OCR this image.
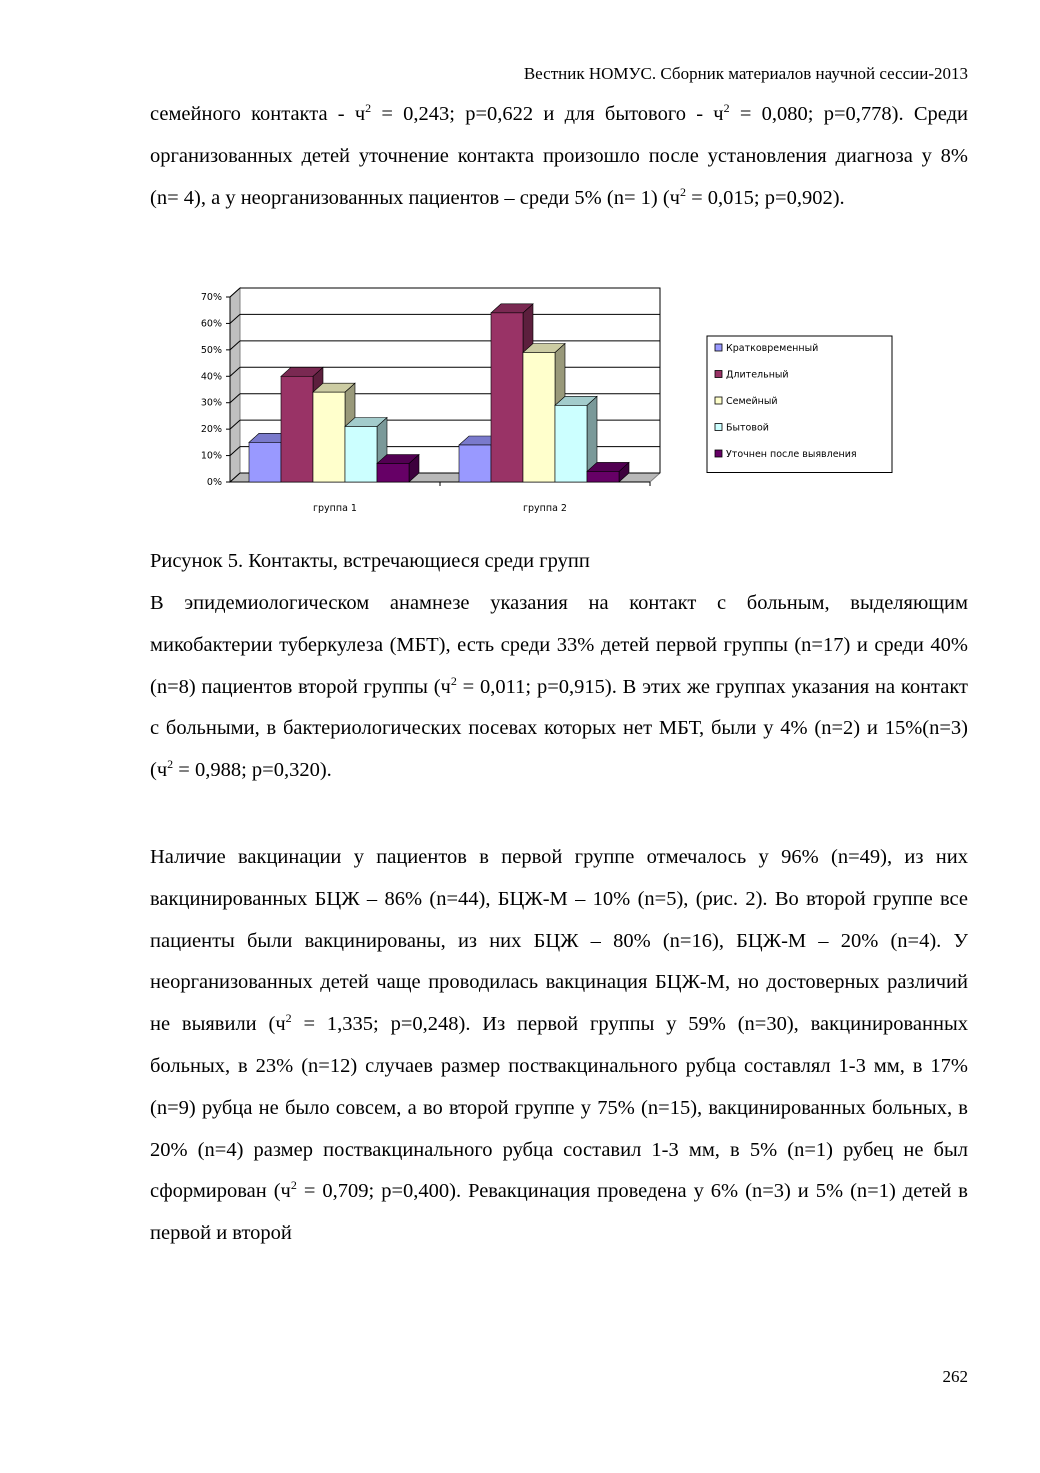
Вестник НОМУС. Сборник материалов научной сессии-2013

семейного контакта - $ч^2 = 0,243$; р=0,622 и для бытового - $ч^2 = 0,080$; р=0,778). Среди организованных детей уточнение контакта произошло после установления диагноза у 8% (n= 4), а у неорганизованных пациентов – среди 5% (n= 1) ($ч^2 = 0,015$; р=0,902).

0%
10%
20%
30%
40%
50%
60%
70%
группа 1	группа 2
Кратковременный
Длительный
Семейный
Бытовой
Уточнен после выявления
Рисунок 5. Контакты, встречающиеся среди групп

В эпидемиологическом анамнезе указания на контакт с больным, выделяющим микобактерии туберкулеза (МБТ), есть среди 33% детей первой группы (n=17) и среди 40% (n=8) пациентов второй группы ($ч^2 = 0,011$; р=0,915). В этих же группах указания на контакт с больными, в бактериологических посевах которых нет МБТ, были у 4% (n=2) и 15%(n=3) ($ч^2 = 0,988$; р=0,320).

Наличие вакцинации у пациентов в первой группе отмечалось у 96% (n=49), из них вакцинированных БЦЖ – 86% (n=44), БЦЖ-М – 10% (n=5), (рис. 2). Во второй группе все пациенты были вакцинированы, из них БЦЖ – 80% (n=16), БЦЖ-М – 20% (n=4). У неорганизованных детей чаще проводилась вакцинация БЦЖ-М, но достоверных различий не выявили ($ч^2 = 1,335$; р=0,248). Из первой группы у 59% (n=30), вакцинированных больных, в 23% (n=12) случаев размер поствакцинального рубца составлял 1-3 мм, в 17% (n=9) рубца не было совсем, а во второй группе у 75% (n=15), вакцинированных больных, в 20% (n=4) размер поствакцинального рубца составил 1-3 мм, в 5% (n=1) рубец не был сформирован ($ч^2 = 0,709$; р=0,400). Ревакцинация проведена у 6% (n=3) и 5% (n=1) детей в первой и второй

262
